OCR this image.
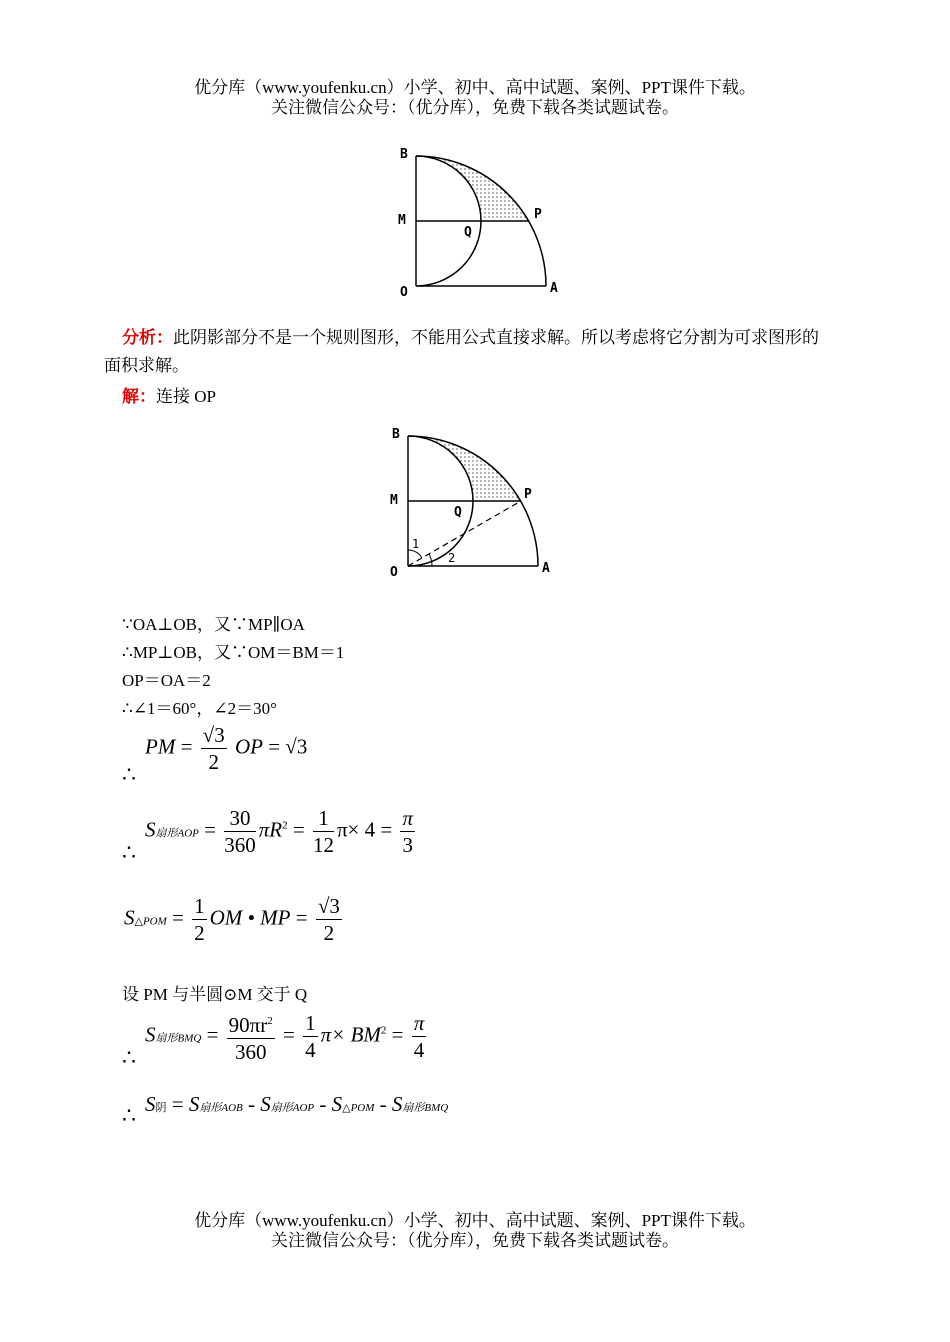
优分库（www.youfenku.cn）小学、初中、高中试题、案例、PPT课件下载。
关注微信公众号：（优分库），免费下载各类试题试卷。
B
M
O
Q
P
A
分析：此阴影部分不是一个规则图形，不能用公式直接求解。所以考虑将它分割为可求图形的面积求解。
解：连接 OP
B
M
O
Q
P
A
1
2
∵OA⊥OB，又∵MP∥OA
∴MP⊥OB，又∵OM＝BM＝1
OP＝OA＝2
∴∠1＝60°，∠2＝30°
∴
PM = $\frac{√3}{2}$ OP = √3
∴
S扇形AOP = $\frac{30}{360} \pi R^2 = \frac{1}{12} \pi\times 4 = \frac{\pi}{3}$
S△POM = $\frac{1}{2}$ OM • MP = $\frac{√3}{2}$
设 PM 与半圆⊙M 交于 Q
∴
S扇形BMQ = $\frac{90\pi r^2}{360} = \frac{1}{4} \pi\times BM^2 = \frac{\pi}{4}$
∴ S阴 = S扇形AOB - S扇形AOP - S△POM - S扇形BMQ
优分库（www.youfenku.cn）小学、初中、高中试题、案例、PPT课件下载。
关注微信公众号：（优分库），免费下载各类试题试卷。
